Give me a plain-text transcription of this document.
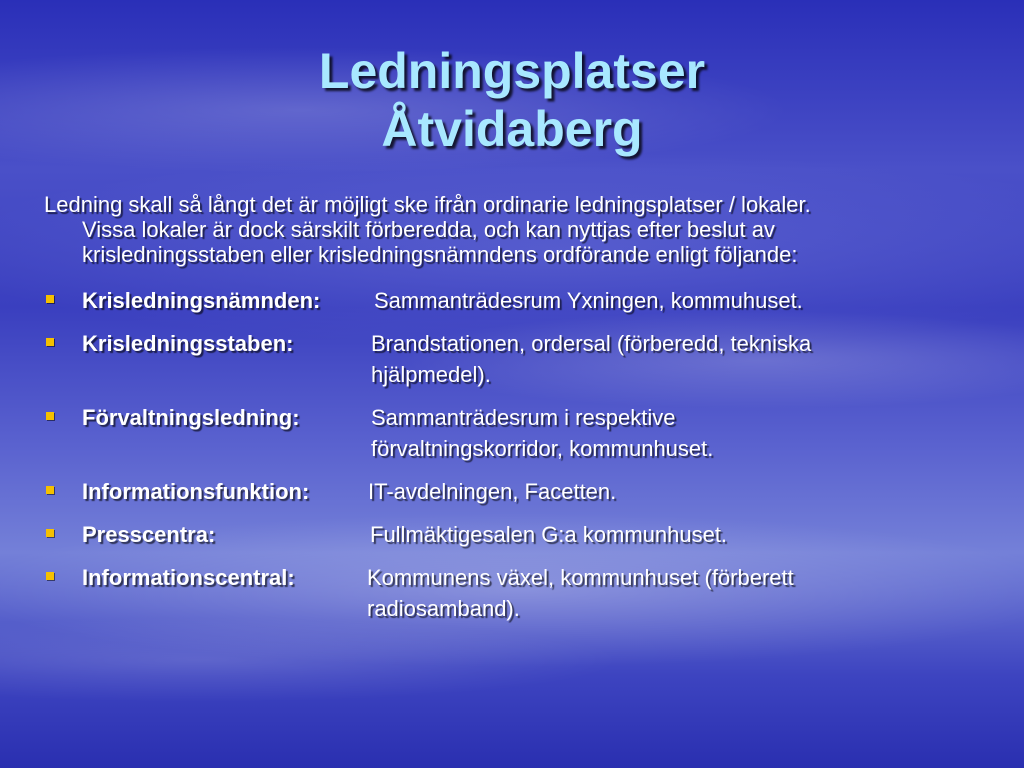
Ledningsplatser
Åtvidaberg
Ledning skall så långt det är möjligt ske ifrån ordinarie ledningsplatser / lokaler.
Vissa lokaler är dock särskilt förberedda, och kan nyttjas efter beslut av
krisledningsstaben eller krisledningsnämndens ordförande enligt följande:
Krisledningsnämnden:	Sammanträdesrum Yxningen, kommuhuset.
Krisledningsstaben:	Brandstationen, ordersal (förberedd, tekniska hjälpmedel).
Förvaltningsledning:	Sammanträdesrum i respektive förvaltningskorridor, kommunhuset.
Informationsfunktion:	IT-avdelningen, Facetten.
Presscentra:	Fullmäktigesalen G:a kommunhuset.
Informationscentral:	Kommunens växel, kommunhuset (förberett radiosamband).
